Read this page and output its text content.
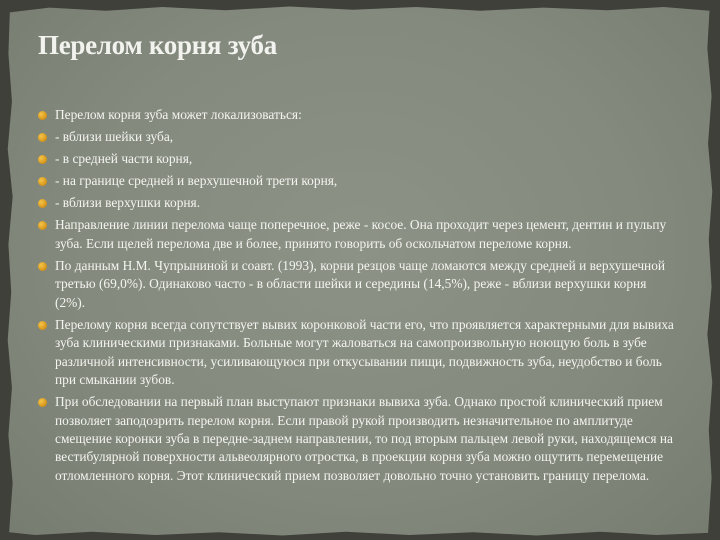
Перелом корня зуба
Перелом корня зуба может локализоваться:
- вблизи шейки зуба,
- в средней части корня,
- на границе средней и верхушечной трети корня,
- вблизи верхушки корня.
Направление линии перелома чаще поперечное, реже - косое. Она проходит через цемент, дентин и пульпу зуба. Если щелей перелома две и более, принято говорить об оскольчатом переломе корня.
По данным Н.М. Чупрыниной и соавт. (1993), корни резцов чаще ломаются между средней и верхушечной третью (69,0%). Одинаково часто - в области шейки и середины (14,5%), реже - вблизи верхушки корня (2%).
Перелому корня всегда сопутствует вывих коронковой части его, что проявляется характерными для вывиха зуба клиническими признаками. Больные могут жаловаться на самопроизвольную ноющую боль в зубе различной интенсивности, усиливающуюся при откусывании пищи, подвижность зуба, неудобство и боль при смыкании зубов.
При обследовании на первый план выступают признаки вывиха зуба. Однако простой клинический прием позволяет заподозрить перелом корня. Если правой рукой производить незначительное по амплитуде смещение коронки зуба в передне-заднем направлении, то под вторым пальцем левой руки, находящемся на вестибулярной поверхности альвеолярного отростка, в проекции корня зуба можно ощутить перемещение отломленного корня. Этот клинический прием позволяет довольно точно установить границу перелома.
